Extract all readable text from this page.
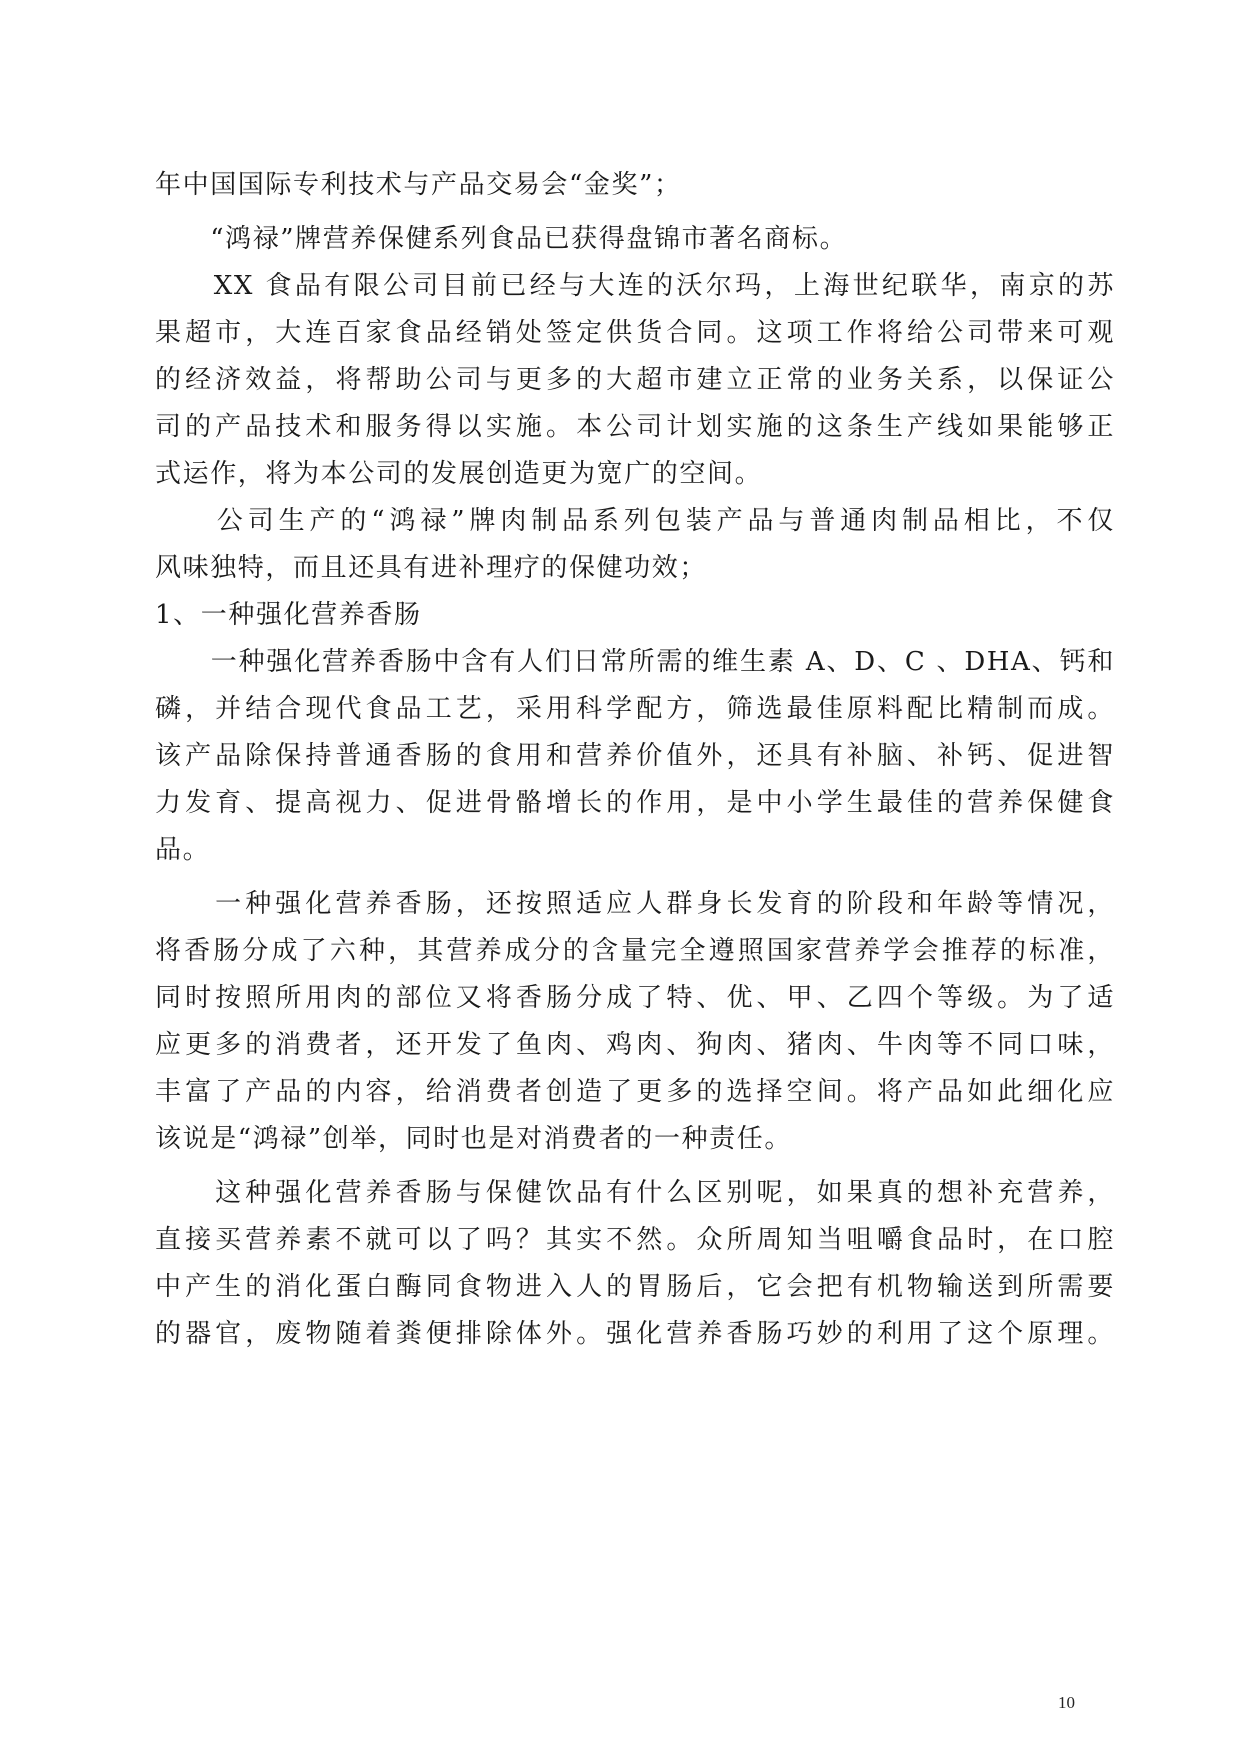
年中国国际专利技术与产品交易会“金奖”；
　　“鸿禄”牌营养保健系列食品已获得盘锦市著名商标。
　　XX 食品有限公司目前已经与大连的沃尔玛，上海世纪联华，南京的苏
果超市，大连百家食品经销处签定供货合同。这项工作将给公司带来可观
的经济效益，将帮助公司与更多的大超市建立正常的业务关系，以保证公
司的产品技术和服务得以实施。本公司计划实施的这条生产线如果能够正
式运作，将为本公司的发展创造更为宽广的空间。
　　公司生产的“鸿禄”牌肉制品系列包装产品与普通肉制品相比，不仅
风味独特，而且还具有进补理疗的保健功效；
1、一种强化营养香肠
　　一种强化营养香肠中含有人们日常所需的维生素 A、D、C 、DHA、钙和
磷，并结合现代食品工艺，采用科学配方，筛选最佳原料配比精制而成。
该产品除保持普通香肠的食用和营养价值外，还具有补脑、补钙、促进智
力发育、提高视力、促进骨骼增长的作用，是中小学生最佳的营养保健食
品。
　　一种强化营养香肠，还按照适应人群身长发育的阶段和年龄等情况，
将香肠分成了六种，其营养成分的含量完全遵照国家营养学会推荐的标准，
同时按照所用肉的部位又将香肠分成了特、优、甲、乙四个等级。为了适
应更多的消费者，还开发了鱼肉、鸡肉、狗肉、猪肉、牛肉等不同口味，
丰富了产品的内容，给消费者创造了更多的选择空间。将产品如此细化应
该说是“鸿禄”创举，同时也是对消费者的一种责任。
　　这种强化营养香肠与保健饮品有什么区别呢，如果真的想补充营养，
直接买营养素不就可以了吗？其实不然。众所周知当咀嚼食品时，在口腔
中产生的消化蛋白酶同食物进入人的胃肠后，它会把有机物输送到所需要
的器官，废物随着粪便排除体外。强化营养香肠巧妙的利用了这个原理。
10
